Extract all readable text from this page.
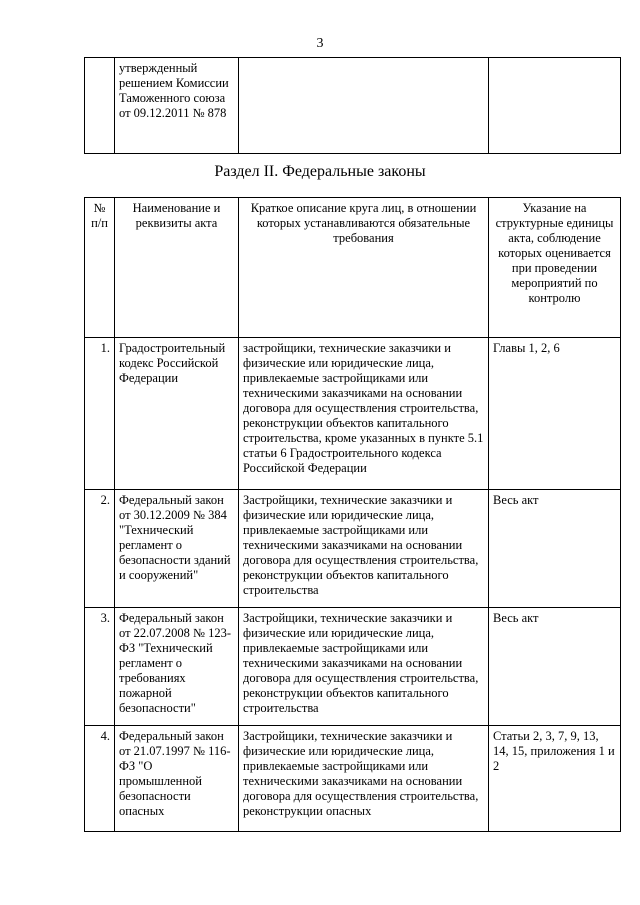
3
	утвержденный решением Комиссии Таможенного союза от 09.12.2011 № 878		
Раздел II. Федеральные законы
№ п/п	Наименование и реквизиты акта	Краткое описание круга лиц, в отношении которых устанавливаются обязательные требования	Указание на структурные единицы акта, соблюдение которых оценивается при проведении мероприятий по контролю
1.	Градостроительный кодекс Российской Федерации	застройщики, технические заказчики и физические или юридические лица, привлекаемые застройщиками или техническими заказчиками на основании договора для осуществления строительства, реконструкции объектов капитального строительства, кроме указанных в пункте 5.1 статьи 6 Градостроительного кодекса Российской Федерации	Главы 1, 2, 6
2.	Федеральный закон от 30.12.2009 № 384 "Технический регламент о безопасности зданий и сооружений"	Застройщики, технические заказчики и физические или юридические лица, привлекаемые застройщиками или техническими заказчиками на основании договора для осуществления строительства, реконструкции объектов капитального строительства	Весь акт
3.	Федеральный закон от 22.07.2008 № 123-ФЗ "Технический регламент о требованиях пожарной безопасности"	Застройщики, технические заказчики и физические или юридические лица, привлекаемые застройщиками или техническими заказчиками на основании договора для осуществления строительства, реконструкции объектов капитального строительства	Весь акт
4.	Федеральный закон от 21.07.1997 № 116-ФЗ "О промышленной безопасности опасных	Застройщики, технические заказчики и физические или юридические лица, привлекаемые застройщиками или техническими заказчиками на основании договора для осуществления строительства, реконструкции опасных	Статьи 2, 3, 7, 9, 13, 14, 15, приложения 1 и 2
